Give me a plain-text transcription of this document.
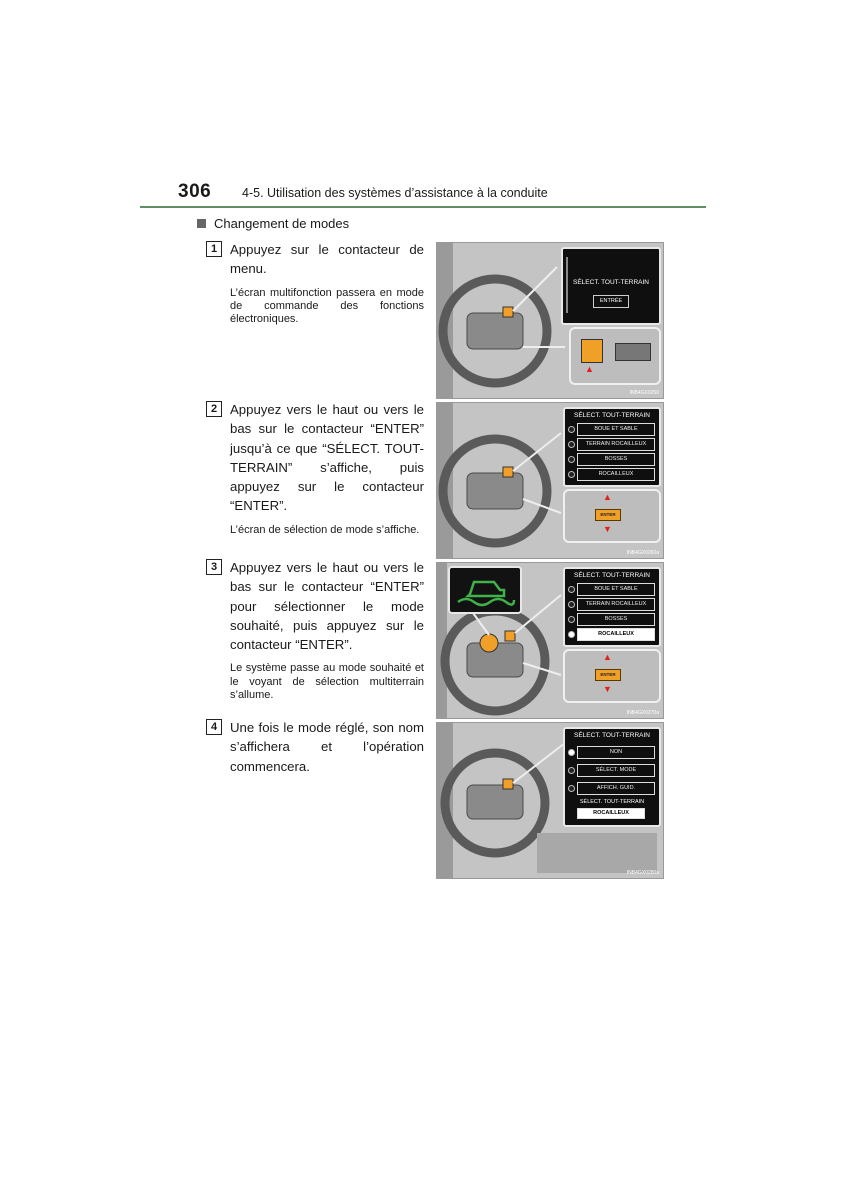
306 4-5. Utilisation des systèmes d’assistance à la conduite
Changement de modes
1 Appuyez sur le contacteur de menu.
L’écran multifonction passera en mode de commande des fonctions électroniques.
2 Appuyez vers le haut ou vers le bas sur le contacteur “ENTER” jusqu’à ce que “SÉLECT. TOUT-TERRAIN” s’affiche, puis appuyez sur le contacteur “ENTER”.
L’écran de sélection de mode s’affiche.
3 Appuyez vers le haut ou vers le bas sur le contacteur “ENTER” pour sélectionner le mode souhaité, puis appuyez sur le contacteur “ENTER”.
Le système passe au mode souhaité et le voyant de sélection multiterrain s’allume.
4 Une fois le mode réglé, son nom s’affichera et l’opération commencera.
SÉLECT. TOUT-TERRAIN
ENTRÉE
▲
INB4GX0250
SÉLECT. TOUT-TERRAIN
BOUE ET SABLE
TERRAIN ROCAILLEUX
BOSSES
ROCAILLEUX
▲
ENTER
▼
INB4GX0260a
SÉLECT. TOUT-TERRAIN
BOUE ET SABLE
TERRAIN ROCAILLEUX
BOSSES
ROCAILLEUX
▲
ENTER
▼
INB4GX0270a
SÉLECT. TOUT-TERRAIN
NON
SÉLECT. MODE
AFFICH. GUID.
SÉLECT. TOUT-TERRAIN
ROCAILLEUX
INB4GX0280a
